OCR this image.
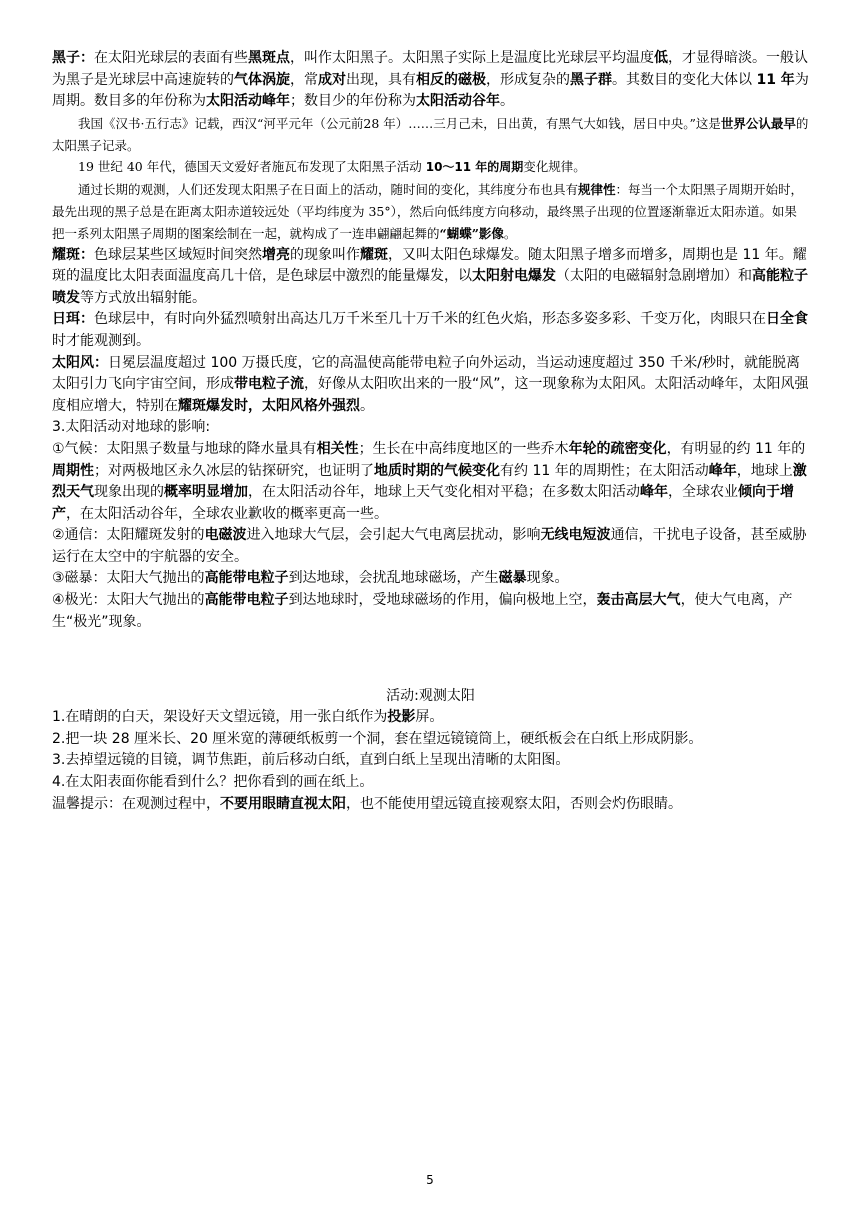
黑子：在太阳光球层的表面有些黑斑点，叫作太阳黑子。太阳黑子实际上是温度比光球层平均温度低，才显得暗淡。一般认为黑子是光球层中高速旋转的气体涡旋，常成对出现，具有相反的磁极，形成复杂的黑子群。其数目的变化大体以 11 年为周期。数目多的年份称为太阳活动峰年；数目少的年份称为太阳活动谷年。

我国《汉书·五行志》记载，西汉“河平元年（公元前28 年）……三月己未，日出黄，有黑气大如钱，居日中央。”这是世界公认最早的太阳黑子记录。

19 世纪 40 年代，德国天文爱好者施瓦布发现了太阳黑子活动 10～11 年的周期变化规律。

通过长期的观测，人们还发现太阳黑子在日面上的活动，随时间的变化，其纬度分布也具有规律性：每当一个太阳黑子周期开始时，最先出现的黑子总是在距离太阳赤道较远处（平均纬度为 35°），然后向低纬度方向移动，最终黑子出现的位置逐渐靠近太阳赤道。如果把一系列太阳黑子周期的图案绘制在一起，就构成了一连串翩翩起舞的“蝴蝶”影像。

耀斑：色球层某些区域短时间突然增亮的现象叫作耀斑，又叫太阳色球爆发。随太阳黑子增多而增多，周期也是 11 年。耀斑的温度比太阳表面温度高几十倍，是色球层中激烈的能量爆发，以太阳射电爆发（太阳的电磁辐射急剧增加）和高能粒子喷发等方式放出辐射能。

日珥：色球层中，有时向外猛烈喷射出高达几万千米至几十万千米的红色火焰，形态多姿多彩、千变万化，肉眼只在日全食时才能观测到。

太阳风：日冕层温度超过 100 万摄氏度，它的高温使高能带电粒子向外运动，当运动速度超过 350 千米/秒时，就能脱离太阳引力飞向宇宙空间，形成带电粒子流，好像从太阳吹出来的一股“风”，这一现象称为太阳风。太阳活动峰年，太阳风强度相应增大，特别在耀斑爆发时，太阳风格外强烈。

3.太阳活动对地球的影响:

①气候：太阳黑子数量与地球的降水量具有相关性；生长在中高纬度地区的一些乔木年轮的疏密变化，有明显的约 11 年的周期性；对两极地区永久冰层的钻探研究，也证明了地质时期的气候变化有约 11 年的周期性；在太阳活动峰年，地球上激烈天气现象出现的概率明显增加，在太阳活动谷年，地球上天气变化相对平稳；在多数太阳活动峰年，全球农业倾向于增产，在太阳活动谷年，全球农业歉收的概率更高一些。

②通信：太阳耀斑发射的电磁波进入地球大气层，会引起大气电离层扰动，影响无线电短波通信，干扰电子设备，甚至威胁运行在太空中的宇航器的安全。

③磁暴：太阳大气抛出的高能带电粒子到达地球，会扰乱地球磁场，产生磁暴现象。

④极光：太阳大气抛出的高能带电粒子到达地球时，受地球磁场的作用，偏向极地上空，轰击高层大气，使大气电离，产生“极光”现象。

活动:观测太阳

1.在晴朗的白天，架设好天文望远镜，用一张白纸作为投影屏。

2.把一块 28 厘米长、20 厘米宽的薄硬纸板剪一个洞，套在望远镜镜筒上，硬纸板会在白纸上形成阴影。

3.去掉望远镜的目镜，调节焦距，前后移动白纸，直到白纸上呈现出清晰的太阳图。

4.在太阳表面你能看到什么？把你看到的画在纸上。

温馨提示：在观测过程中，不要用眼睛直视太阳，也不能使用望远镜直接观察太阳，否则会灼伤眼睛。

5
